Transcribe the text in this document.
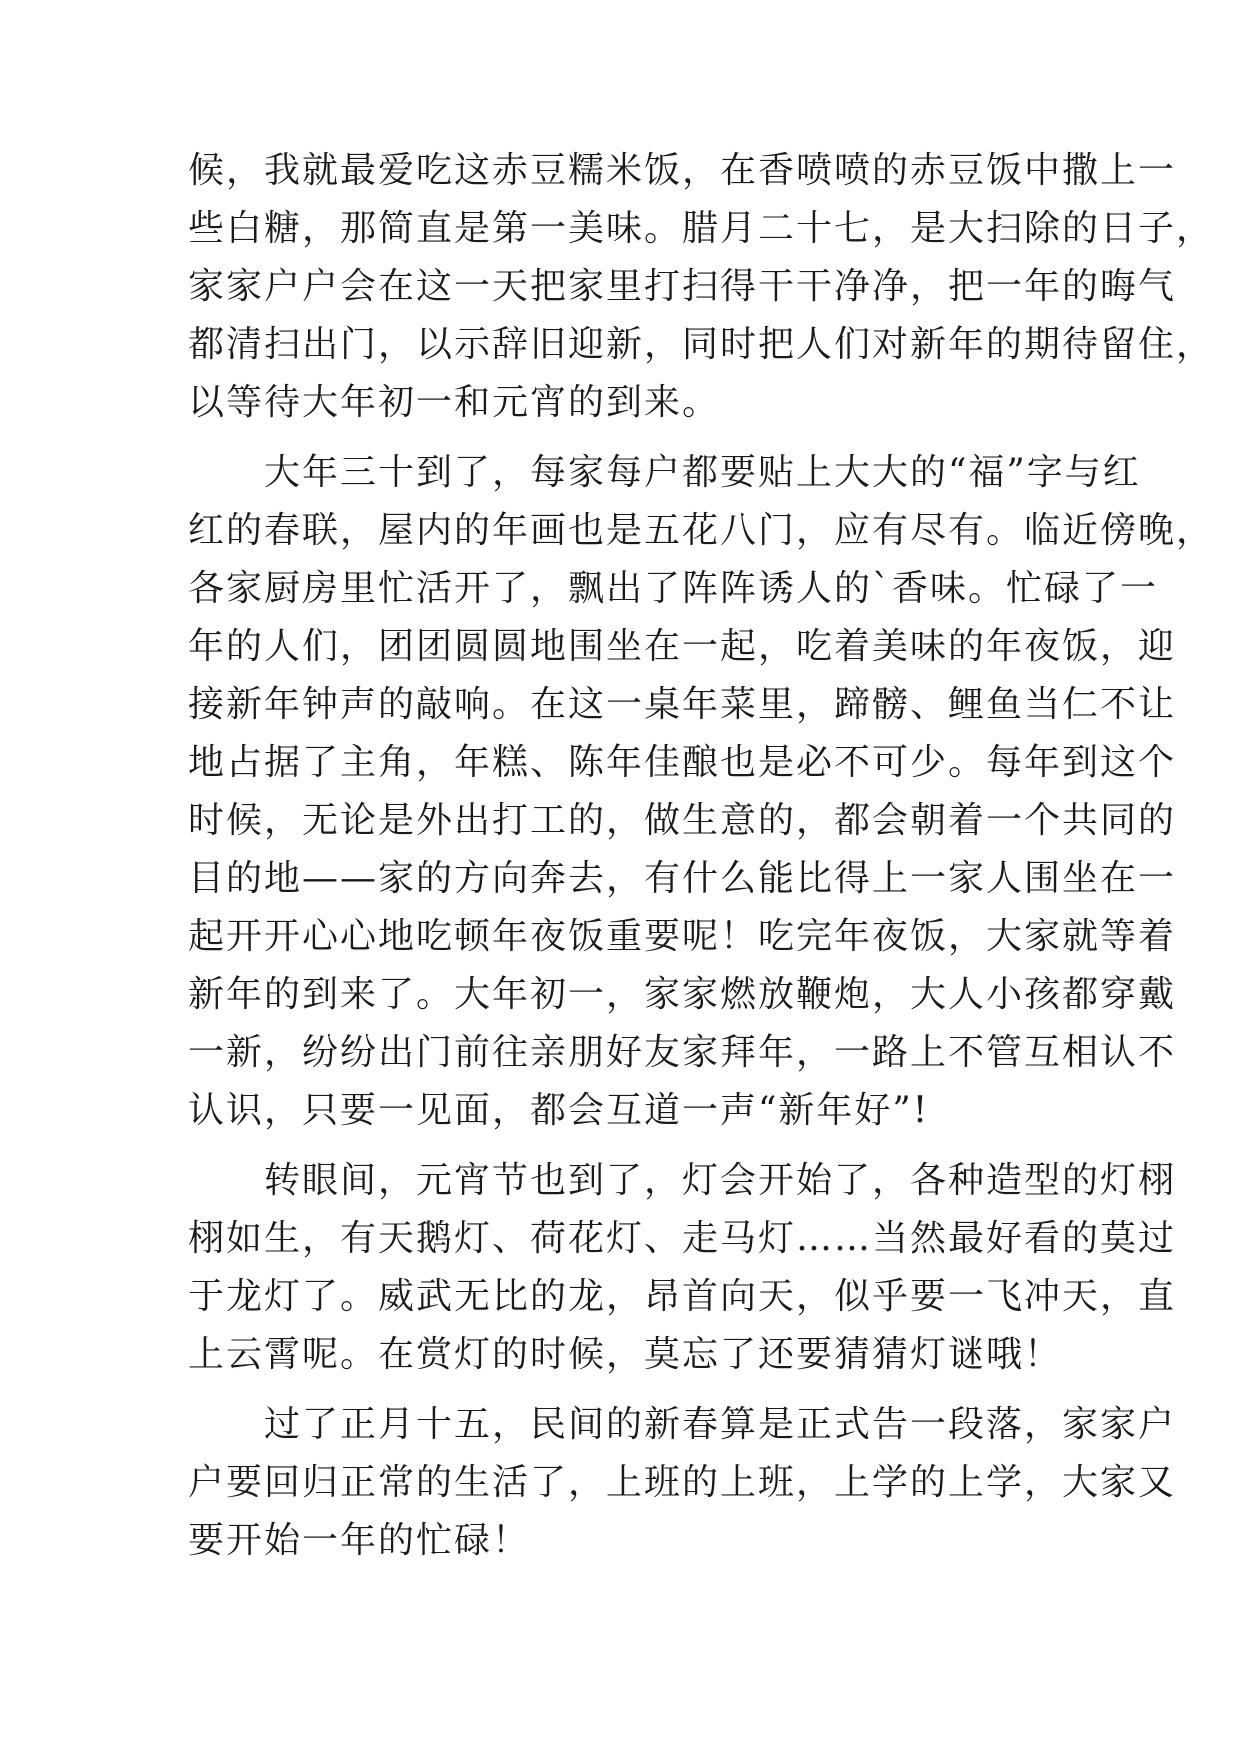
候，我就最爱吃这赤豆糯米饭，在香喷喷的赤豆饭中撒上一
些白糖，那简直是第一美味。腊月二十七，是大扫除的日子，
家家户户会在这一天把家里打扫得干干净净，把一年的晦气
都清扫出门，以示辞旧迎新，同时把人们对新年的期待留住，
以等待大年初一和元宵的到来。
　　大年三十到了，每家每户都要贴上大大的“福”字与红
红的春联，屋内的年画也是五花八门，应有尽有。临近傍晚，
各家厨房里忙活开了，飘出了阵阵诱人的`香味。忙碌了一
年的人们，团团圆圆地围坐在一起，吃着美味的年夜饭，迎
接新年钟声的敲响。在这一桌年菜里，蹄髈、鲤鱼当仁不让
地占据了主角，年糕、陈年佳酿也是必不可少。每年到这个
时候，无论是外出打工的，做生意的，都会朝着一个共同的
目的地——家的方向奔去，有什么能比得上一家人围坐在一
起开开心心地吃顿年夜饭重要呢！吃完年夜饭，大家就等着
新年的到来了。大年初一，家家燃放鞭炮，大人小孩都穿戴
一新，纷纷出门前往亲朋好友家拜年，一路上不管互相认不
认识，只要一见面，都会互道一声“新年好”!
　　转眼间，元宵节也到了，灯会开始了，各种造型的灯栩
栩如生，有天鹅灯、荷花灯、走马灯……当然最好看的莫过
于龙灯了。威武无比的龙，昂首向天，似乎要一飞冲天，直
上云霄呢。在赏灯的时候，莫忘了还要猜猜灯谜哦！
　　过了正月十五，民间的新春算是正式告一段落，家家户
户要回归正常的生活了，上班的上班，上学的上学，大家又
要开始一年的忙碌！
